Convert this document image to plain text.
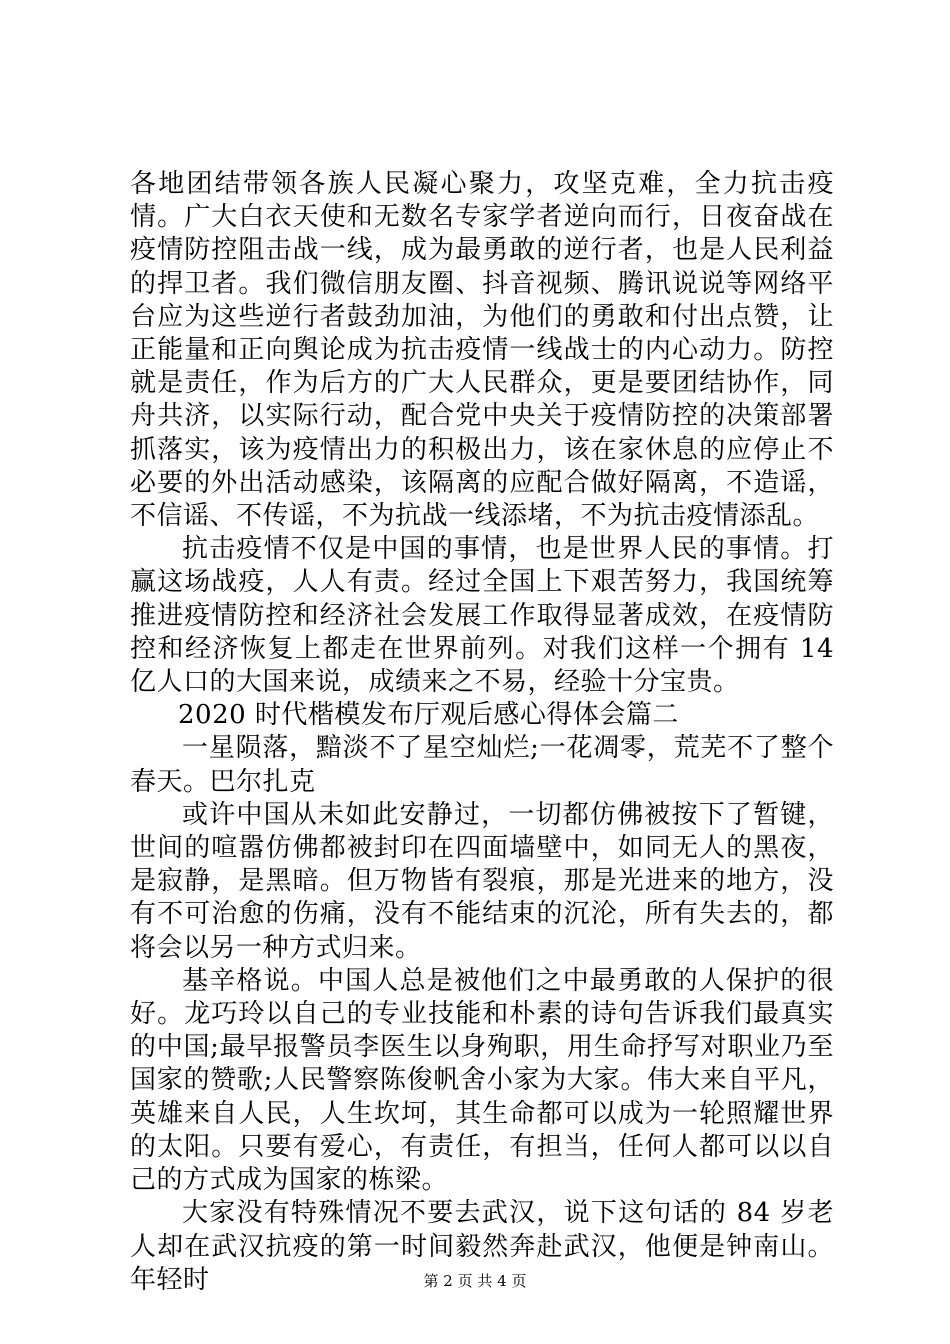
各地团结带领各族人民凝心聚力，攻坚克难，全力抗击疫情。广大白衣天使和无数名专家学者逆向而行，日夜奋战在疫情防控阻击战一线，成为最勇敢的逆行者，也是人民利益的捍卫者。我们微信朋友圈、抖音视频、腾讯说说等网络平台应为这些逆行者鼓劲加油，为他们的勇敢和付出点赞，让正能量和正向舆论成为抗击疫情一线战士的内心动力。防控就是责任，作为后方的广大人民群众，更是要团结协作，同舟共济，以实际行动，配合党中央关于疫情防控的决策部署抓落实，该为疫情出力的积极出力，该在家休息的应停止不必要的外出活动感染，该隔离的应配合做好隔离，不造谣，不信谣、不传谣，不为抗战一线添堵，不为抗击疫情添乱。

抗击疫情不仅是中国的事情，也是世界人民的事情。打赢这场战疫，人人有责。经过全国上下艰苦努力，我国统筹推进疫情防控和经济社会发展工作取得显著成效，在疫情防控和经济恢复上都走在世界前列。对我们这样一个拥有 14 亿人口的大国来说，成绩来之不易，经验十分宝贵。

2020 时代楷模发布厅观后感心得体会篇二

一星陨落，黯淡不了星空灿烂;一花凋零，荒芜不了整个春天。巴尔扎克

或许中国从未如此安静过，一切都仿佛被按下了暂键，世间的喧嚣仿佛都被封印在四面墙壁中，如同无人的黑夜，是寂静，是黑暗。但万物皆有裂痕，那是光进来的地方，没有不可治愈的伤痛，没有不能结束的沉沦，所有失去的，都将会以另一种方式归来。

基辛格说。中国人总是被他们之中最勇敢的人保护的很好。龙巧玲以自己的专业技能和朴素的诗句告诉我们最真实的中国;最早报警员李医生以身殉职，用生命抒写对职业乃至国家的赞歌;人民警察陈俊帆舍小家为大家。伟大来自平凡，英雄来自人民，人生坎坷，其生命都可以成为一轮照耀世界的太阳。只要有爱心，有责任，有担当，任何人都可以以自己的方式成为国家的栋梁。

大家没有特殊情况不要去武汉，说下这句话的 84 岁老人却在武汉抗疫的第一时间毅然奔赴武汉，他便是钟南山。年轻时	第 2 页 共 4 页
